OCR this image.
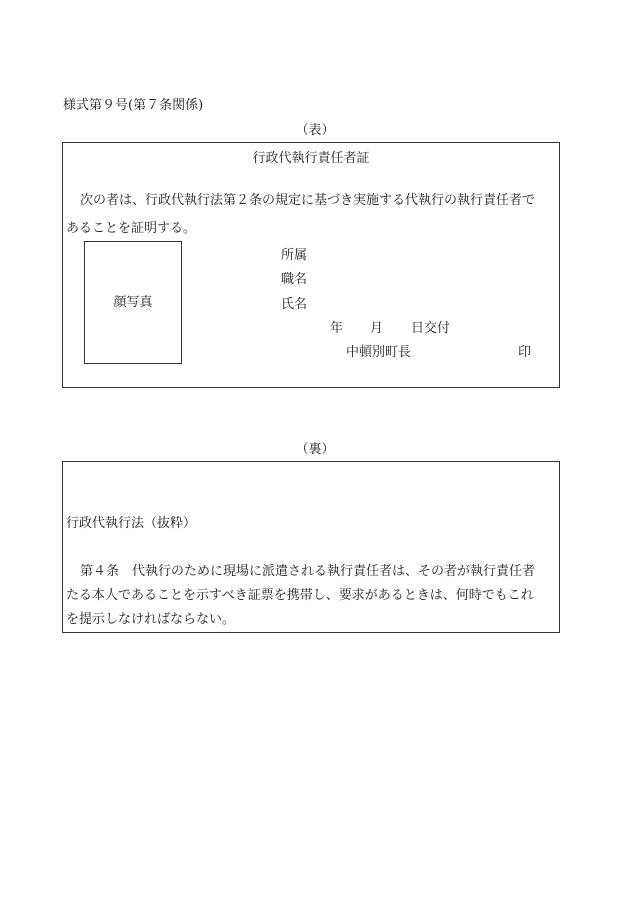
様式第９号(第７条関係)
（表）
行政代執行責任者証
次の者は、行政代執行法第２条の規定に基づき実施する代執行の執行責任者で
あることを証明する。
顔写真
所属
職名
氏名
年 月 日交付
中頓別町長	印
（裏）
行政代執行法（抜粋）
第４条　代執行のために現場に派遣される執行責任者は、その者が執行責任者
たる本人であることを示すべき証票を携帯し、要求があるときは、何時でもこれ
を提示しなければならない。
